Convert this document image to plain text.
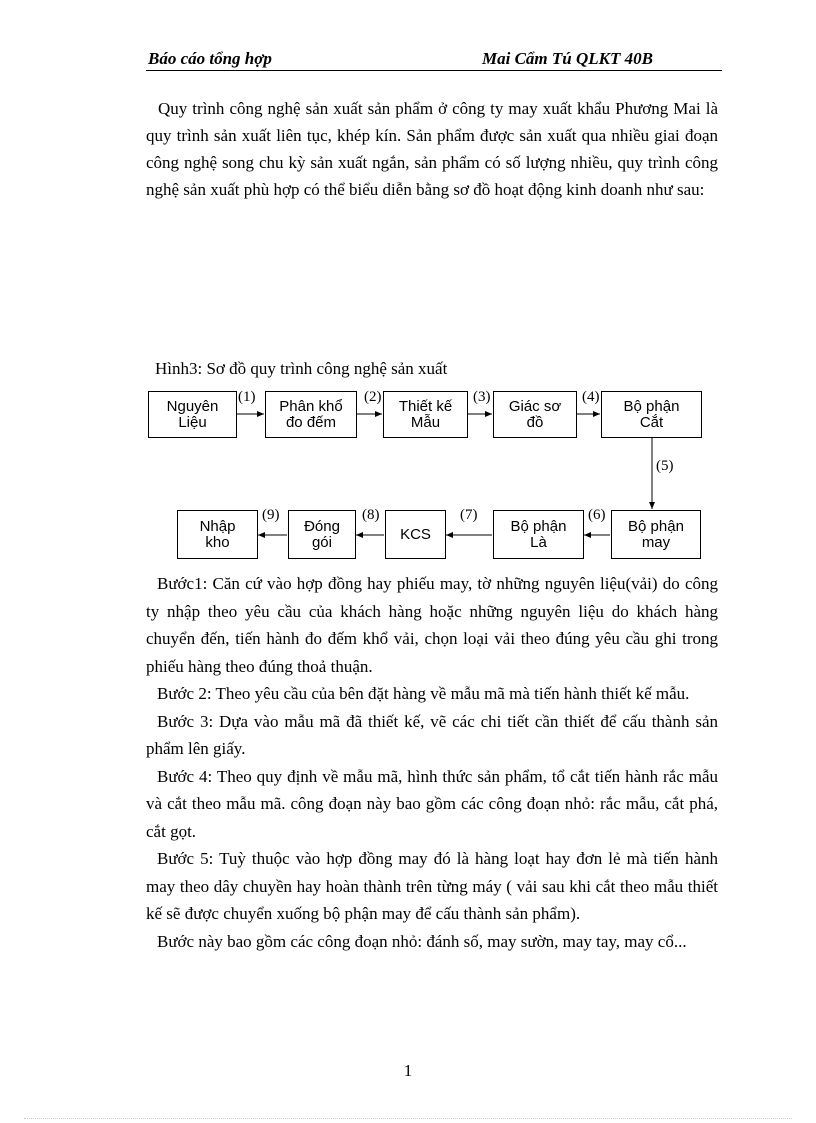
Báo cáo tổng hợp	Mai Cẩm Tú QLKT 40B

Quy trình công nghệ sản xuất sản phẩm ở công ty may xuất khẩu Phương Mai là quy trình sản xuất liên tục, khép kín. Sản phẩm được sản xuất qua nhiều giai đoạn công nghệ song chu kỳ sản xuất ngắn, sản phẩm có số lượng nhiều, quy trình công nghệ sản xuất phù hợp có thể biểu diễn bằng sơ đồ hoạt động kinh doanh như sau:

Hình3: Sơ đồ quy trình công nghệ sản xuất

Nguyên
Liệu
Phân khổ
đo đếm
Thiết kế
Mẫu
Giác sơ
đồ
Bộ phận
Cắt
Bộ phận
may
Bộ phận
Là
KCS
Đóng
gói
Nhập
kho
(1)	(2)	(3)	(4)
(5)
(6)
(7)
(8)
(9)

Bước1: Căn cứ vào hợp đồng hay phiếu may, tờ những nguyên liệu(vải) do công ty nhập theo yêu cầu của khách hàng hoặc những nguyên liệu do khách hàng chuyển đến, tiến hành đo đếm khổ vải, chọn loại vải theo đúng yêu cầu ghi trong phiếu hàng theo đúng thoả thuận.

Bước 2: Theo yêu cầu của bên đặt hàng về mẫu mã mà tiến hành thiết kế mẫu.

Bước 3: Dựa vào mẫu mã đã thiết kế, vẽ các chi tiết cần thiết để cấu thành sản phẩm lên giấy.

Bước 4: Theo quy định về mẫu mã, hình thức sản phẩm, tổ cắt tiến hành rắc mẫu và cắt theo mẫu mã. công đoạn này bao gồm các công đoạn nhỏ: rắc mẫu, cắt phá, cắt gọt.

Bước 5: Tuỳ thuộc vào hợp đồng may đó là hàng loạt hay đơn lẻ mà tiến hành may theo dây chuyền hay hoàn thành trên từng máy ( vải sau khi cắt theo mẫu thiết kế sẽ được chuyển xuống bộ phận may để cấu thành sản phẩm).

Bước này bao gồm các công đoạn nhỏ: đánh số, may sườn, may tay, may cổ...

1
